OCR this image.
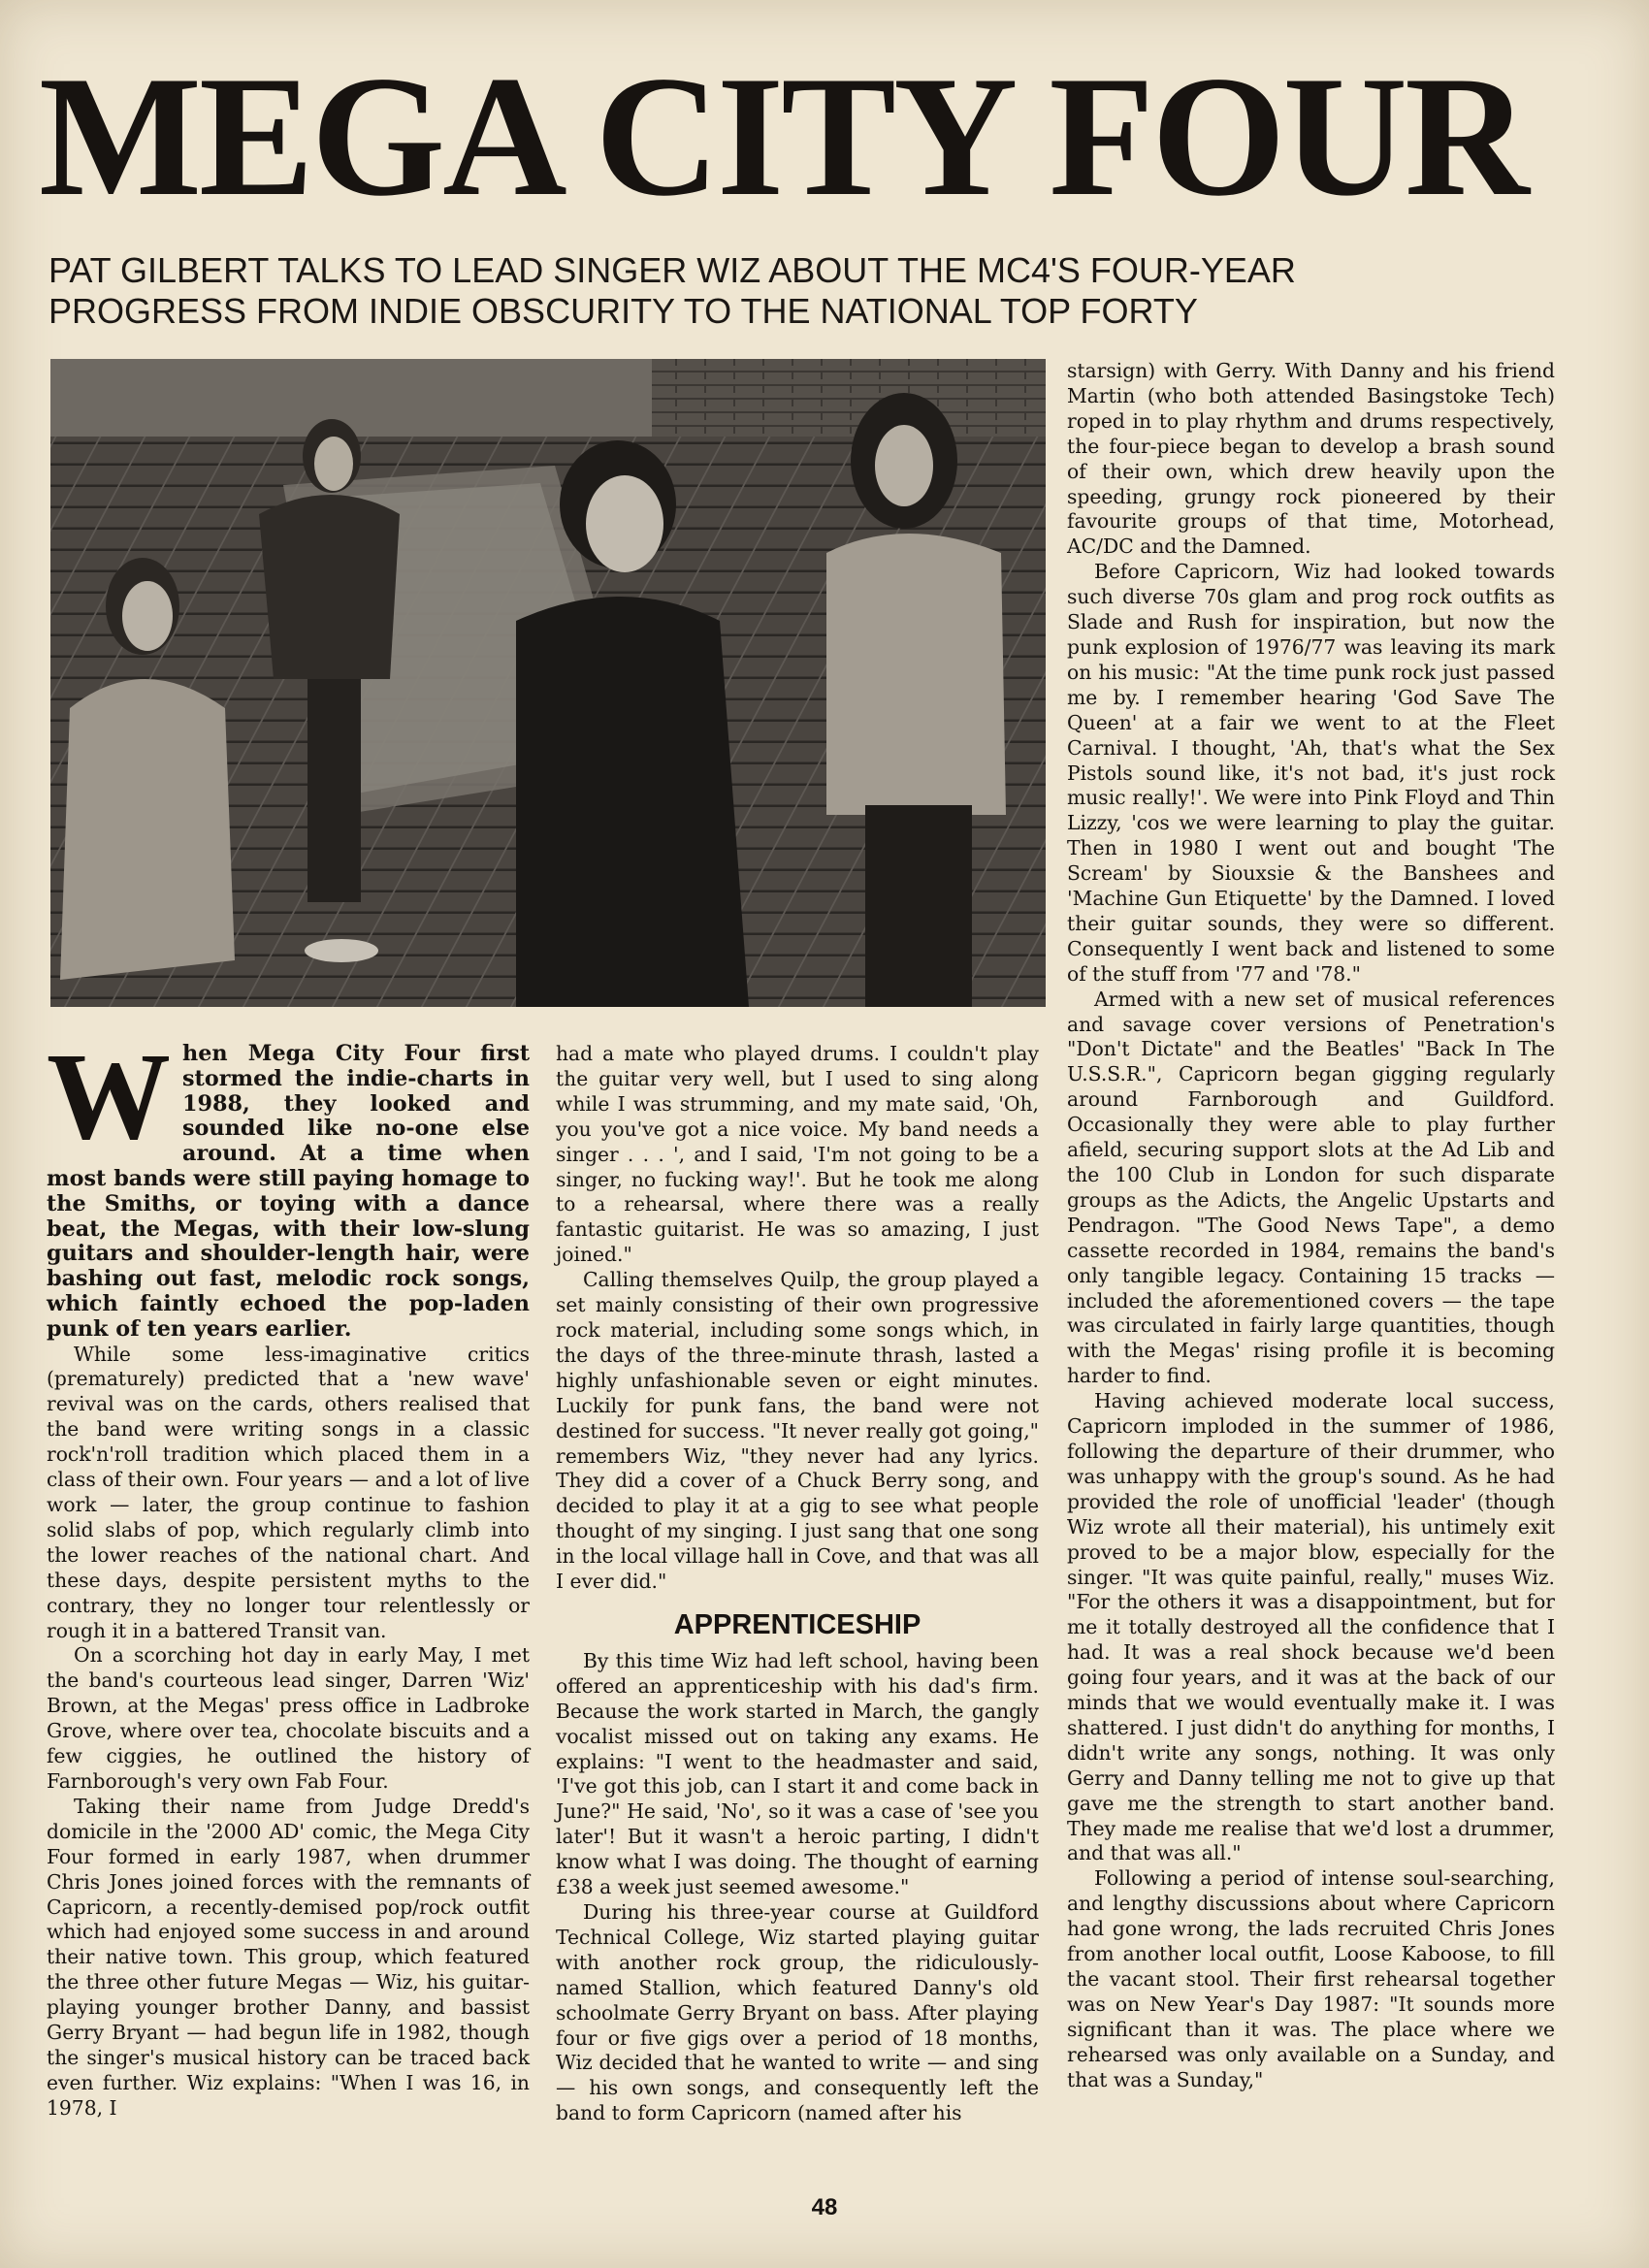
MEGA CITY FOUR
PAT GILBERT TALKS TO LEAD SINGER WIZ ABOUT THE MC4'S FOUR-YEAR PROGRESS FROM INDIE OBSCURITY TO THE NATIONAL TOP FORTY
When Mega City Four first stormed the indie-charts in 1988, they looked and sounded like no-one else around. At a time when most bands were still paying homage to the Smiths, or toying with a dance beat, the Megas, with their low-slung guitars and shoulder-length hair, were bashing out fast, melodic rock songs, which faintly echoed the pop-laden punk of ten years earlier.

While some less-imaginative critics (prematurely) predicted that a 'new wave' revival was on the cards, others realised that the band were writing songs in a classic rock'n'roll tradition which placed them in a class of their own. Four years — and a lot of live work — later, the group continue to fashion solid slabs of pop, which regularly climb into the lower reaches of the national chart. And these days, despite persistent myths to the contrary, they no longer tour relentlessly or rough it in a battered Transit van.

On a scorching hot day in early May, I met the band's courteous lead singer, Darren 'Wiz' Brown, at the Megas' press office in Ladbroke Grove, where over tea, chocolate biscuits and a few ciggies, he outlined the history of Farnborough's very own Fab Four.

Taking their name from Judge Dredd's domicile in the '2000 AD' comic, the Mega City Four formed in early 1987, when drummer Chris Jones joined forces with the remnants of Capricorn, a recently-demised pop/rock outfit which had enjoyed some success in and around their native town. This group, which featured the three other future Megas — Wiz, his guitar-playing younger brother Danny, and bassist Gerry Bryant — had begun life in 1982, though the singer's musical history can be traced back even further. Wiz explains: "When I was 16, in 1978, I

had a mate who played drums. I couldn't play the guitar very well, but I used to sing along while I was strumming, and my mate said, 'Oh, you you've got a nice voice. My band needs a singer . . . ', and I said, 'I'm not going to be a singer, no fucking way!'. But he took me along to a rehearsal, where there was a really fantastic guitarist. He was so amazing, I just joined."

Calling themselves Quilp, the group played a set mainly consisting of their own progressive rock material, including some songs which, in the days of the three-minute thrash, lasted a highly unfashionable seven or eight minutes. Luckily for punk fans, the band were not destined for success. "It never really got going," remembers Wiz, "they never had any lyrics. They did a cover of a Chuck Berry song, and decided to play it at a gig to see what people thought of my singing. I just sang that one song in the local village hall in Cove, and that was all I ever did."

APPRENTICESHIP

By this time Wiz had left school, having been offered an apprenticeship with his dad's firm. Because the work started in March, the gangly vocalist missed out on taking any exams. He explains: "I went to the headmaster and said, 'I've got this job, can I start it and come back in June?" He said, 'No', so it was a case of 'see you later'! But it wasn't a heroic parting, I didn't know what I was doing. The thought of earning £38 a week just seemed awesome."

During his three-year course at Guildford Technical College, Wiz started playing guitar with another rock group, the ridiculously-named Stallion, which featured Danny's old schoolmate Gerry Bryant on bass. After playing four or five gigs over a period of 18 months, Wiz decided that he wanted to write — and sing — his own songs, and consequently left the band to form Capricorn (named after his

starsign) with Gerry. With Danny and his friend Martin (who both attended Basingstoke Tech) roped in to play rhythm and drums respectively, the four-piece began to develop a brash sound of their own, which drew heavily upon the speeding, grungy rock pioneered by their favourite groups of that time, Motorhead, AC/DC and the Damned.

Before Capricorn, Wiz had looked towards such diverse 70s glam and prog rock outfits as Slade and Rush for inspiration, but now the punk explosion of 1976/77 was leaving its mark on his music: "At the time punk rock just passed me by. I remember hearing 'God Save The Queen' at a fair we went to at the Fleet Carnival. I thought, 'Ah, that's what the Sex Pistols sound like, it's not bad, it's just rock music really!'. We were into Pink Floyd and Thin Lizzy, 'cos we were learning to play the guitar. Then in 1980 I went out and bought 'The Scream' by Siouxsie & the Banshees and 'Machine Gun Etiquette' by the Damned. I loved their guitar sounds, they were so different. Consequently I went back and listened to some of the stuff from '77 and '78."

Armed with a new set of musical references and savage cover versions of Penetration's "Don't Dictate" and the Beatles' "Back In The U.S.S.R.", Capricorn began gigging regularly around Farnborough and Guildford. Occasionally they were able to play further afield, securing support slots at the Ad Lib and the 100 Club in London for such disparate groups as the Adicts, the Angelic Upstarts and Pendragon. "The Good News Tape", a demo cassette recorded in 1984, remains the band's only tangible legacy. Containing 15 tracks — included the aforementioned covers — the tape was circulated in fairly large quantities, though with the Megas' rising profile it is becoming harder to find.

Having achieved moderate local success, Capricorn imploded in the summer of 1986, following the departure of their drummer, who was unhappy with the group's sound. As he had provided the role of unofficial 'leader' (though Wiz wrote all their material), his untimely exit proved to be a major blow, especially for the singer. "It was quite painful, really," muses Wiz. "For the others it was a disappointment, but for me it totally destroyed all the confidence that I had. It was a real shock because we'd been going four years, and it was at the back of our minds that we would eventually make it. I was shattered. I just didn't do anything for months, I didn't write any songs, nothing. It was only Gerry and Danny telling me not to give up that gave me the strength to start another band. They made me realise that we'd lost a drummer, and that was all."

Following a period of intense soul-searching, and lengthy discussions about where Capricorn had gone wrong, the lads recruited Chris Jones from another local outfit, Loose Kaboose, to fill the vacant stool. Their first rehearsal together was on New Year's Day 1987: "It sounds more significant than it was. The place where we rehearsed was only available on a Sunday, and that was a Sunday,"

48
